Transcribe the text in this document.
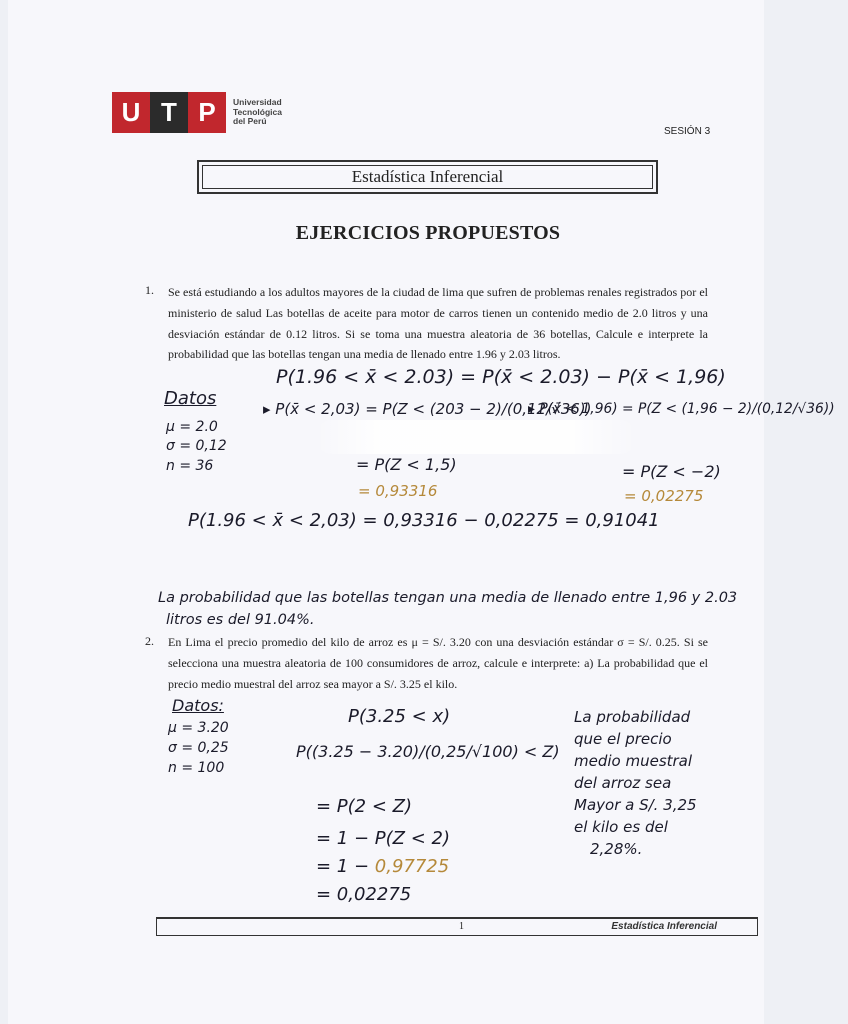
U T P	Universidad
Tecnológica
del Perú
SESIÓN 3
Estadística Inferencial
EJERCICIOS PROPUESTOS
1. Se está estudiando a los adultos mayores de la ciudad de lima que sufren de problemas renales registrados por el ministerio de salud Las botellas de aceite para motor de carros tienen un contenido medio de 2.0 litros y una desviación estándar de 0.12 litros. Si se toma una muestra aleatoria de 36 botellas, Calcule e interprete la probabilidad que las botellas tengan una media de llenado entre 1.96 y 2.03 litros.
P(1.96 < x̄ < 2.03) = P(x̄ < 2.03) − P(x̄ < 1,96)
Datos
μ = 2.0
σ = 0,12
n = 36
▸ P(x̄ < 2,03) = P(Z < (203 − 2)/(0,12/√36))
= P(Z < 1,5)
= 0,93316
▸ P(x̄ < 1,96) = P(Z < (1,96 − 2)/(0,12/√36))
= P(Z < −2)
= 0,02275
P(1.96 < x̄ < 2,03) = 0,93316 − 0,02275 = 0,91041
La probabilidad que las botellas tengan una media de llenado entre 1,96 y 2.03
litros es del 91.04%.
2. En Lima el precio promedio del kilo de arroz es μ = S/. 3.20 con una desviación estándar σ = S/. 0.25. Si se selecciona una muestra aleatoria de 100 consumidores de arroz, calcule e interprete: a) La probabilidad que el precio medio muestral del arroz sea mayor a S/. 3.25 el kilo.
Datos:
μ = 3.20
σ = 0,25
n = 100
P(3.25 < x)
P((3.25 − 3.20)/(0,25/√100) < Z)
= P(2 < Z)
= 1 − P(Z < 2)
= 1 − 0,97725
= 0,02275
La probabilidad
que el precio
medio muestral
del arroz sea
Mayor a S/. 3,25
el kilo es del
2,28%.
1	Estadística Inferencial
